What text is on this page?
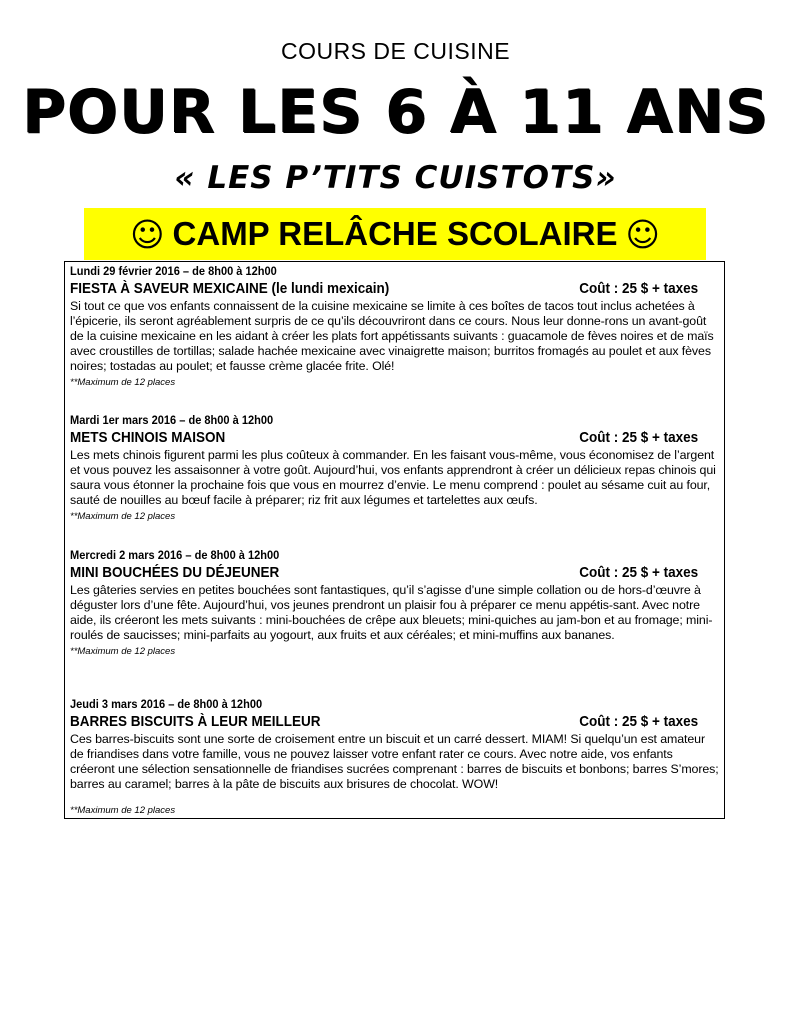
COURS DE CUISINE
POUR LES 6 À 11 ANS
« LES P’TITS CUISTOTS»
☺ CAMP RELÂCHE SCOLAIRE ☺
Lundi 29 février 2016 – de 8h00 à 12h00
FIESTA À SAVEUR MEXICAINE (le lundi mexicain)	Coût : 25 $ + taxes

Si tout ce que vos enfants connaissent de la cuisine mexicaine se limite à ces boîtes de tacos tout inclus achetées à l’épicerie, ils seront agréablement surpris de ce qu’ils découvriront dans ce cours. Nous leur donne-rons un avant-goût de la cuisine mexicaine en les aidant à créer les plats fort appétissants suivants : guacamole de fèves noires et de maïs avec croustilles de tortillas; salade hachée mexicaine avec vinaigrette maison; burritos fromagés au poulet et aux fèves noires; tostadas au poulet; et fausse crème glacée frite. Olé!

**Maximum de 12 places
Mardi 1er mars 2016 – de 8h00 à 12h00
METS CHINOIS MAISON	Coût : 25 $ + taxes

Les mets chinois figurent parmi les plus coûteux à commander. En les faisant vous-même, vous économisez de l’argent et vous pouvez les assaisonner à votre goût. Aujourd’hui, vos enfants apprendront à créer un délicieux repas chinois qui saura vous étonner la prochaine fois que vous en mourrez d’envie. Le menu comprend : poulet au sésame cuit au four, sauté de nouilles au bœuf facile à préparer; riz frit aux légumes et tartelettes aux œufs.

**Maximum de 12 places
Mercredi 2 mars 2016 – de 8h00 à 12h00
MINI BOUCHÉES DU DÉJEUNER	Coût : 25 $ + taxes

Les gâteries servies en petites bouchées sont fantastiques, qu’il s’agisse d’une simple collation ou de hors-d’œuvre à déguster lors d’une fête. Aujourd’hui, vos jeunes prendront un plaisir fou à préparer ce menu appétis-sant. Avec notre aide, ils créeront les mets suivants : mini-bouchées de crêpe aux bleuets; mini-quiches au jam-bon et au fromage; mini-roulés de saucisses; mini-parfaits au yogourt, aux fruits et aux céréales; et mini-muffins aux bananes.

**Maximum de 12 places
Jeudi 3 mars 2016 – de 8h00 à 12h00
BARRES BISCUITS À LEUR MEILLEUR	Coût : 25 $ + taxes

Ces barres-biscuits sont une sorte de croisement entre un biscuit et un carré dessert. MIAM! Si quelqu’un est amateur de friandises dans votre famille, vous ne pouvez laisser votre enfant rater ce cours. Avec notre aide, vos enfants créeront une sélection sensationnelle de friandises sucrées comprenant : barres de biscuits et bonbons; barres S’mores; barres au caramel; barres à la pâte de biscuits aux brisures de chocolat. WOW!

**Maximum de 12 places
